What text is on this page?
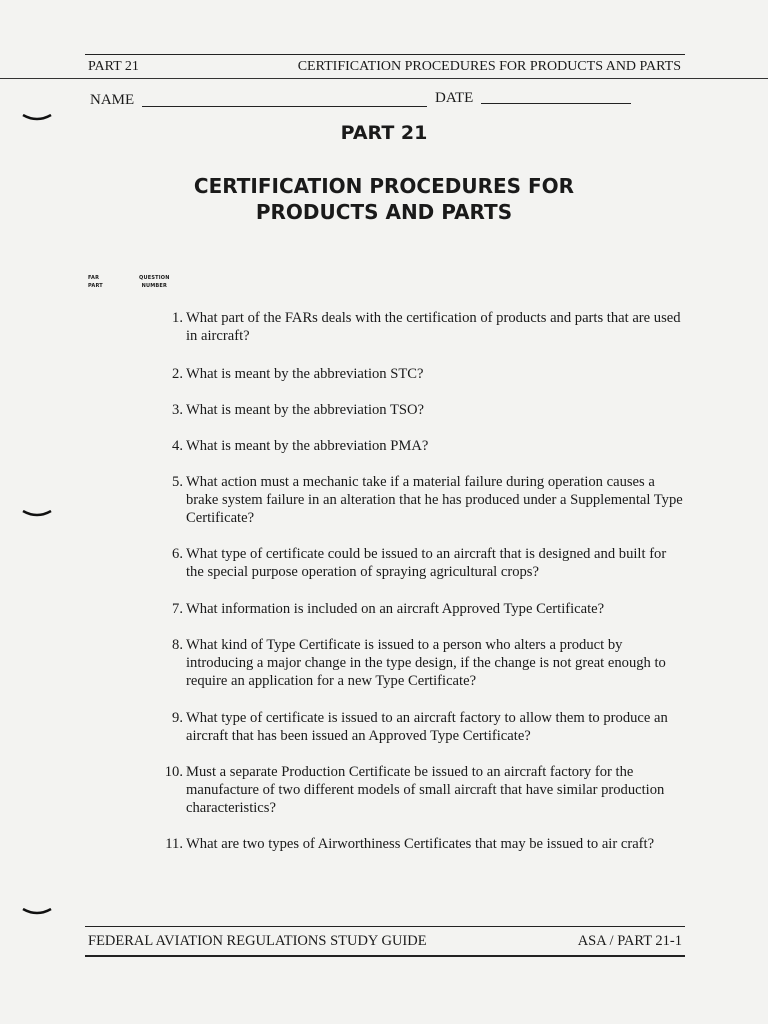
PART 21	CERTIFICATION PROCEDURES FOR PRODUCTS AND PARTS
NAME	DATE
PART 21
CERTIFICATION PROCEDURES FOR
PRODUCTS AND PARTS
FAR
PART
QUESTION
NUMBER
1. What part of the FARs deals with the certification of products and parts that are used in aircraft?
2. What is meant by the abbreviation STC?
3. What is meant by the abbreviation TSO?
4. What is meant by the abbreviation PMA?
5. What action must a mechanic take if a material failure during operation causes a brake system failure in an alteration that he has produced under a Supplemental Type Certificate?
6. What type of certificate could be issued to an aircraft that is designed and built for the special purpose operation of spraying agricultural crops?
7. What information is included on an aircraft Approved Type Certificate?
8. What kind of Type Certificate is issued to a person who alters a product by introducing a major change in the type design, if the change is not great enough to require an application for a new Type Certificate?
9. What type of certificate is issued to an aircraft factory to allow them to produce an aircraft that has been issued an Approved Type Certificate?
10. Must a separate Production Certificate be issued to an aircraft factory for the manufacture of two different models of small aircraft that have similar production characteristics?
11. What are two types of Airworthiness Certificates that may be issued to air craft?
FEDERAL AVIATION REGULATIONS STUDY GUIDE	ASA / PART 21-1
